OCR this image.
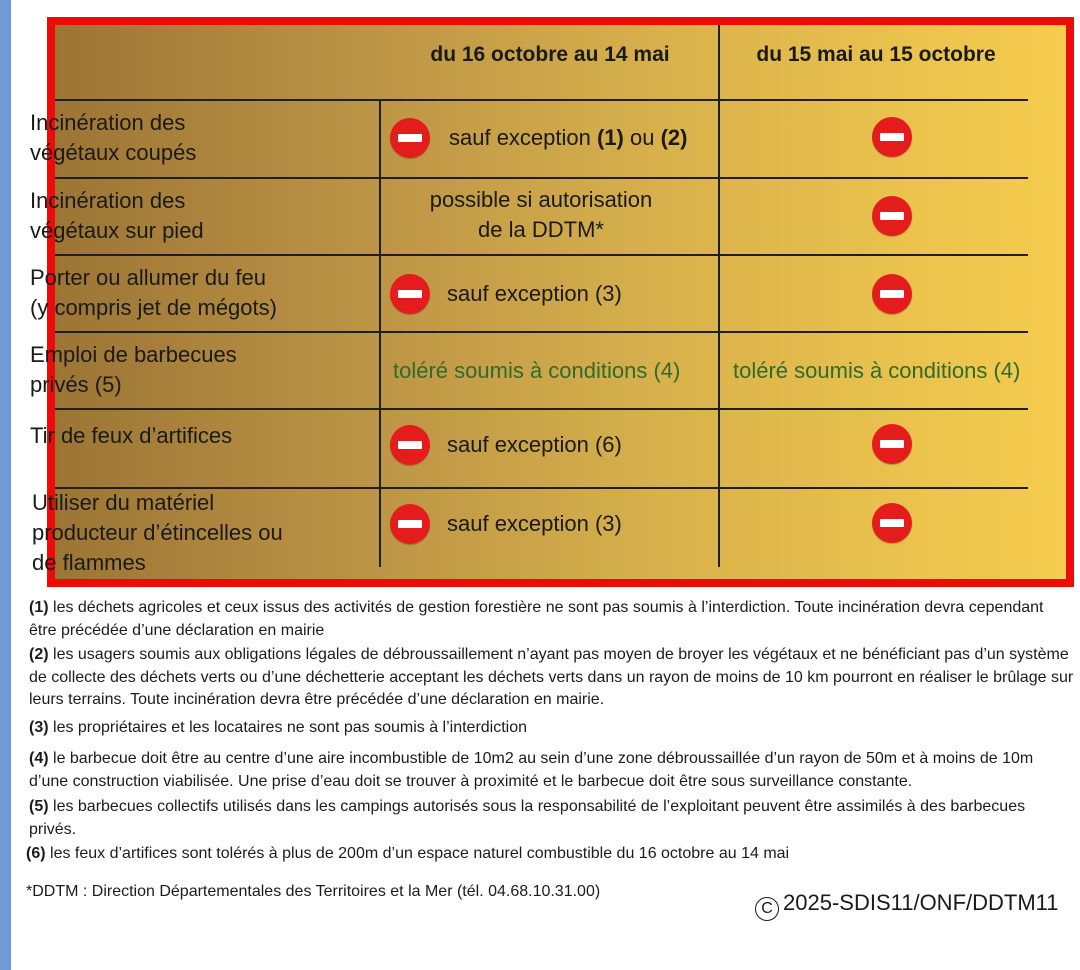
du 16 octobre au 14 mai	du 15 mai au 15 octobre
Incinération des
végétaux coupés
sauf exception (1) ou (2)
Incinération des
végétaux sur pied
possible si autorisation
de la DDTM*
Porter ou allumer du feu
(y compris jet de mégots)
sauf exception (3)
Emploi de barbecues
privés (5)
toléré soumis à conditions (4) toléré soumis à conditions (4)
Tir de feux d’artifices	sauf exception (6)
Utiliser du matériel
producteur d’étincelles ou
de flammes
sauf exception (3)
(1) les déchets agricoles et ceux issus des activités de gestion forestière ne sont pas soumis à l’interdiction. Toute incinération devra cependant être précédée d’une déclaration en mairie
(2) les usagers soumis aux obligations légales de débroussaillement n’ayant pas moyen de broyer les végétaux et ne bénéficiant pas d’un système de collecte des déchets verts ou d’une déchetterie acceptant les déchets verts dans un rayon de moins de 10 km pourront en réaliser le brûlage sur leurs terrains. Toute incinération devra être précédée d’une déclaration en mairie.
(3) les propriétaires et les locataires ne sont pas soumis à l’interdiction
(4) le barbecue doit être au centre d’une aire incombustible de 10m2 au sein d’une zone débroussaillée d’un rayon de 50m et à moins de 10m d’une construction viabilisée. Une prise d’eau doit se trouver à proximité et le barbecue doit être sous surveillance constante.
(5) les barbecues collectifs utilisés dans les campings autorisés sous la responsabilité de l’exploitant peuvent être assimilés à des barbecues privés.
(6) les feux d’artifices sont tolérés à plus de 200m d’un espace naturel combustible du 16 octobre au 14 mai
*DDTM : Direction Départementales des Territoires et la Mer (tél. 04.68.10.31.00)
C 2025-SDIS11/ONF/DDTM11
